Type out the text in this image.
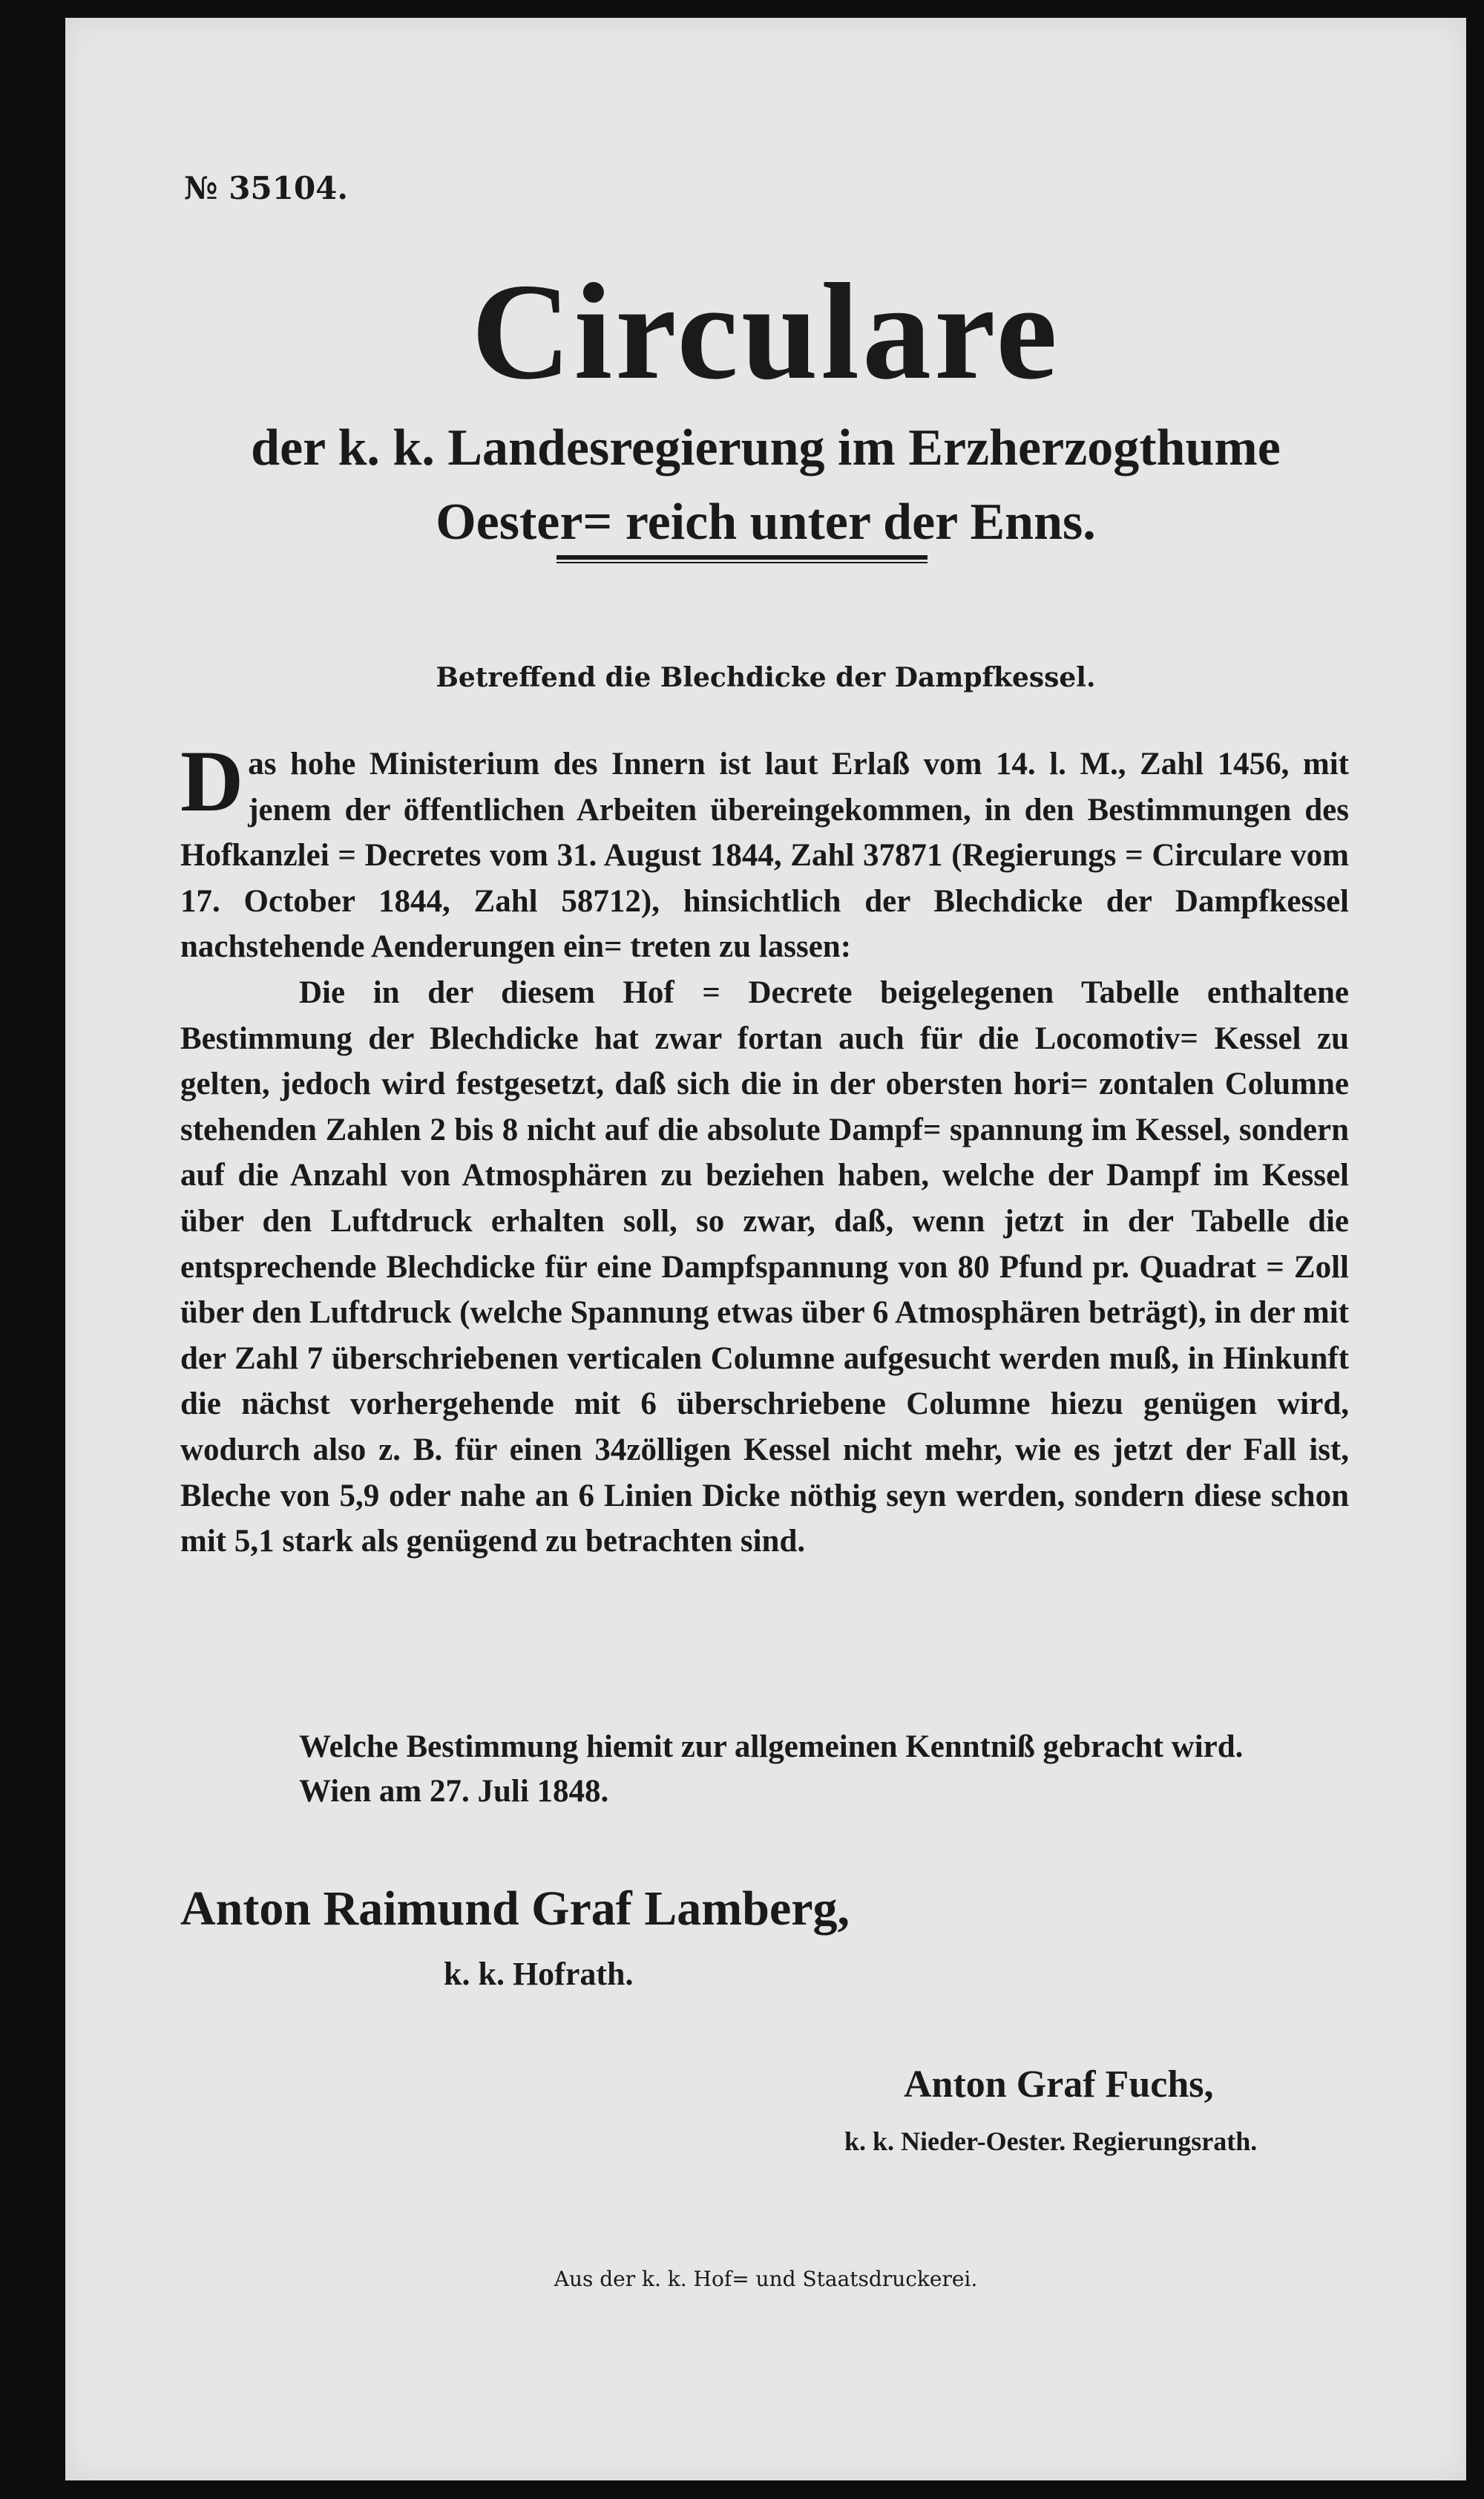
№ 35104.
Circulare
der k. k. Landesregierung im Erzherzogthume Oester= reich unter der Enns.
Betreffend die Blechdicke der Dampfkessel.

Das hohe Ministerium des Innern ist laut Erlaß vom 14. l. M., Zahl 1456, mit jenem der öffentlichen Arbeiten übereingekommen, in den Bestimmungen des Hofkanzlei = Decretes vom 31. August 1844, Zahl 37871 (Regierungs = Circulare vom 17. October 1844, Zahl 58712), hinsichtlich der Blechdicke der Dampfkessel nachstehende Aenderungen ein= treten zu lassen:

Die in der diesem Hof = Decrete beigelegenen Tabelle enthaltene Bestimmung der Blechdicke hat zwar fortan auch für die Locomotiv= Kessel zu gelten, jedoch wird festgesetzt, daß sich die in der obersten hori= zontalen Columne stehenden Zahlen 2 bis 8 nicht auf die absolute Dampf= spannung im Kessel, sondern auf die Anzahl von Atmosphären zu beziehen haben, welche der Dampf im Kessel über den Luftdruck erhalten soll, so zwar, daß, wenn jetzt in der Tabelle die entsprechende Blechdicke für eine Dampfspannung von 80 Pfund pr. Quadrat = Zoll über den Luftdruck (welche Spannung etwas über 6 Atmosphären beträgt), in der mit der Zahl 7 überschriebenen verticalen Columne aufgesucht werden muß, in Hinkunft die nächst vorhergehende mit 6 überschriebene Columne hiezu genügen wird, wodurch also z. B. für einen 34zölligen Kessel nicht mehr, wie es jetzt der Fall ist, Bleche von 5,9 oder nahe an 6 Linien Dicke nöthig seyn werden, sondern diese schon mit 5,1 stark als genügend zu betrachten sind.

Welche Bestimmung hiemit zur allgemeinen Kenntniß gebracht wird.

Wien am 27. Juli 1848.

Anton Raimund Graf Lamberg,
k. k. Hofrath.
Anton Graf Fuchs,
k. k. Nieder-Oester. Regierungsrath.
Aus der k. k. Hof= und Staatsdruckerei.
